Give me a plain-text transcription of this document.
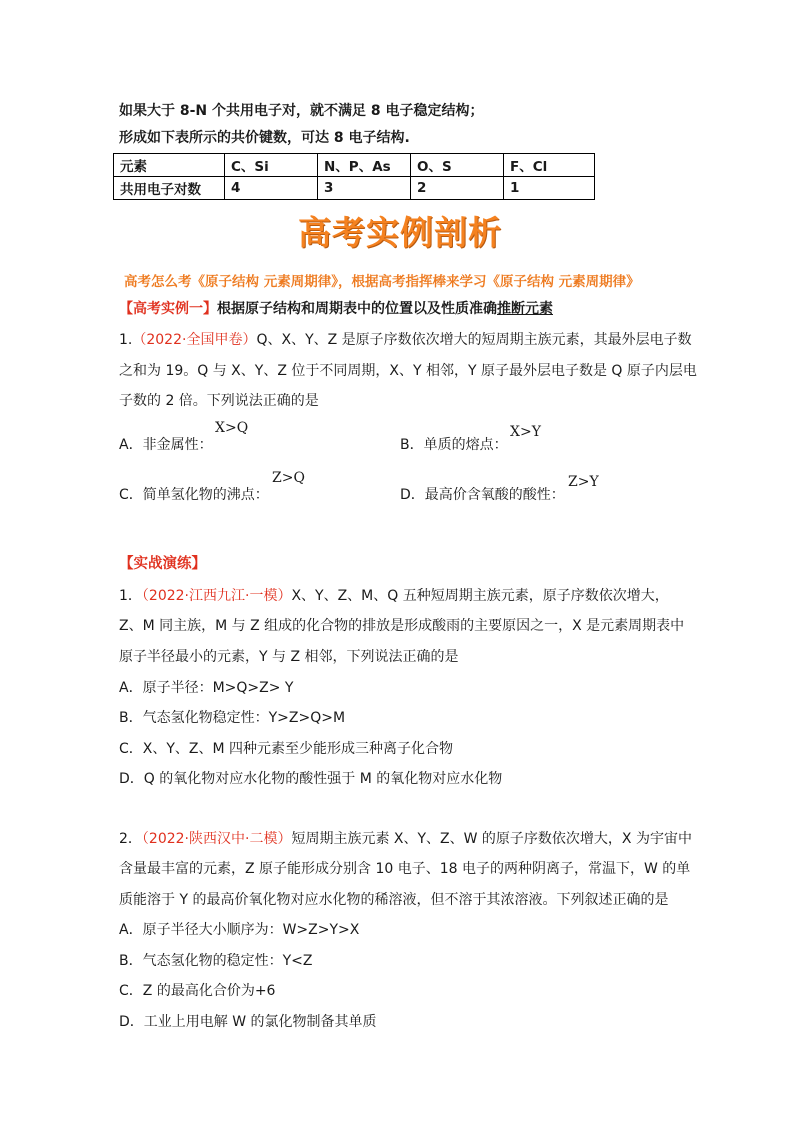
如果大于 8-N 个共用电子对，就不满足 8 电子稳定结构；
形成如下表所示的共价键数，可达 8 电子结构.
元素	C、Si	N、P、As	O、S	F、Cl
共用电子对数	4	3	2	1
高考实例剖析
高考怎么考《原子结构 元素周期律》，根据高考指挥棒来学习《原子结构 元素周期律》
【高考实例一】根据原子结构和周期表中的位置以及性质准确推断元素
1.（2022·全国甲卷）Q、X、Y、Z 是原子序数依次增大的短周期主族元素，其最外层电子数
之和为 19。Q 与 X、Y、Z 位于不同周期，X、Y 相邻，Y 原子最外层电子数是 Q 原子内层电
子数的 2 倍。下列说法正确的是
A．非金属性：
X>Q
B．单质的熔点：
X>Y
C．简单氢化物的沸点：
Z>Q
D．最高价含氧酸的酸性：
Z>Y
【实战演练】
1．（2022·江西九江·一模）X、Y、Z、M、Q 五种短周期主族元素，原子序数依次增大，
Z、M 同主族，M 与 Z 组成的化合物的排放是形成酸雨的主要原因之一，X 是元素周期表中
原子半径最小的元素，Y 与 Z 相邻，下列说法正确的是
A．原子半径：M>Q>Z> Y
B．气态氢化物稳定性：Y>Z>Q>M
C．X、Y、Z、M 四种元素至少能形成三种离子化合物
D．Q 的氧化物对应水化物的酸性强于 M 的氧化物对应水化物
2．（2022·陕西汉中·二模）短周期主族元素 X、Y、Z、W 的原子序数依次增大，X 为宇宙中
含量最丰富的元素，Z 原子能形成分别含 10 电子、18 电子的两种阴离子，常温下，W 的单
质能溶于 Y 的最高价氧化物对应水化物的稀溶液，但不溶于其浓溶液。下列叙述正确的是
A．原子半径大小顺序为：W>Z>Y>X
B．气态氢化物的稳定性：Y<Z
C．Z 的最高化合价为+6
D．工业上用电解 W 的氯化物制备其单质
